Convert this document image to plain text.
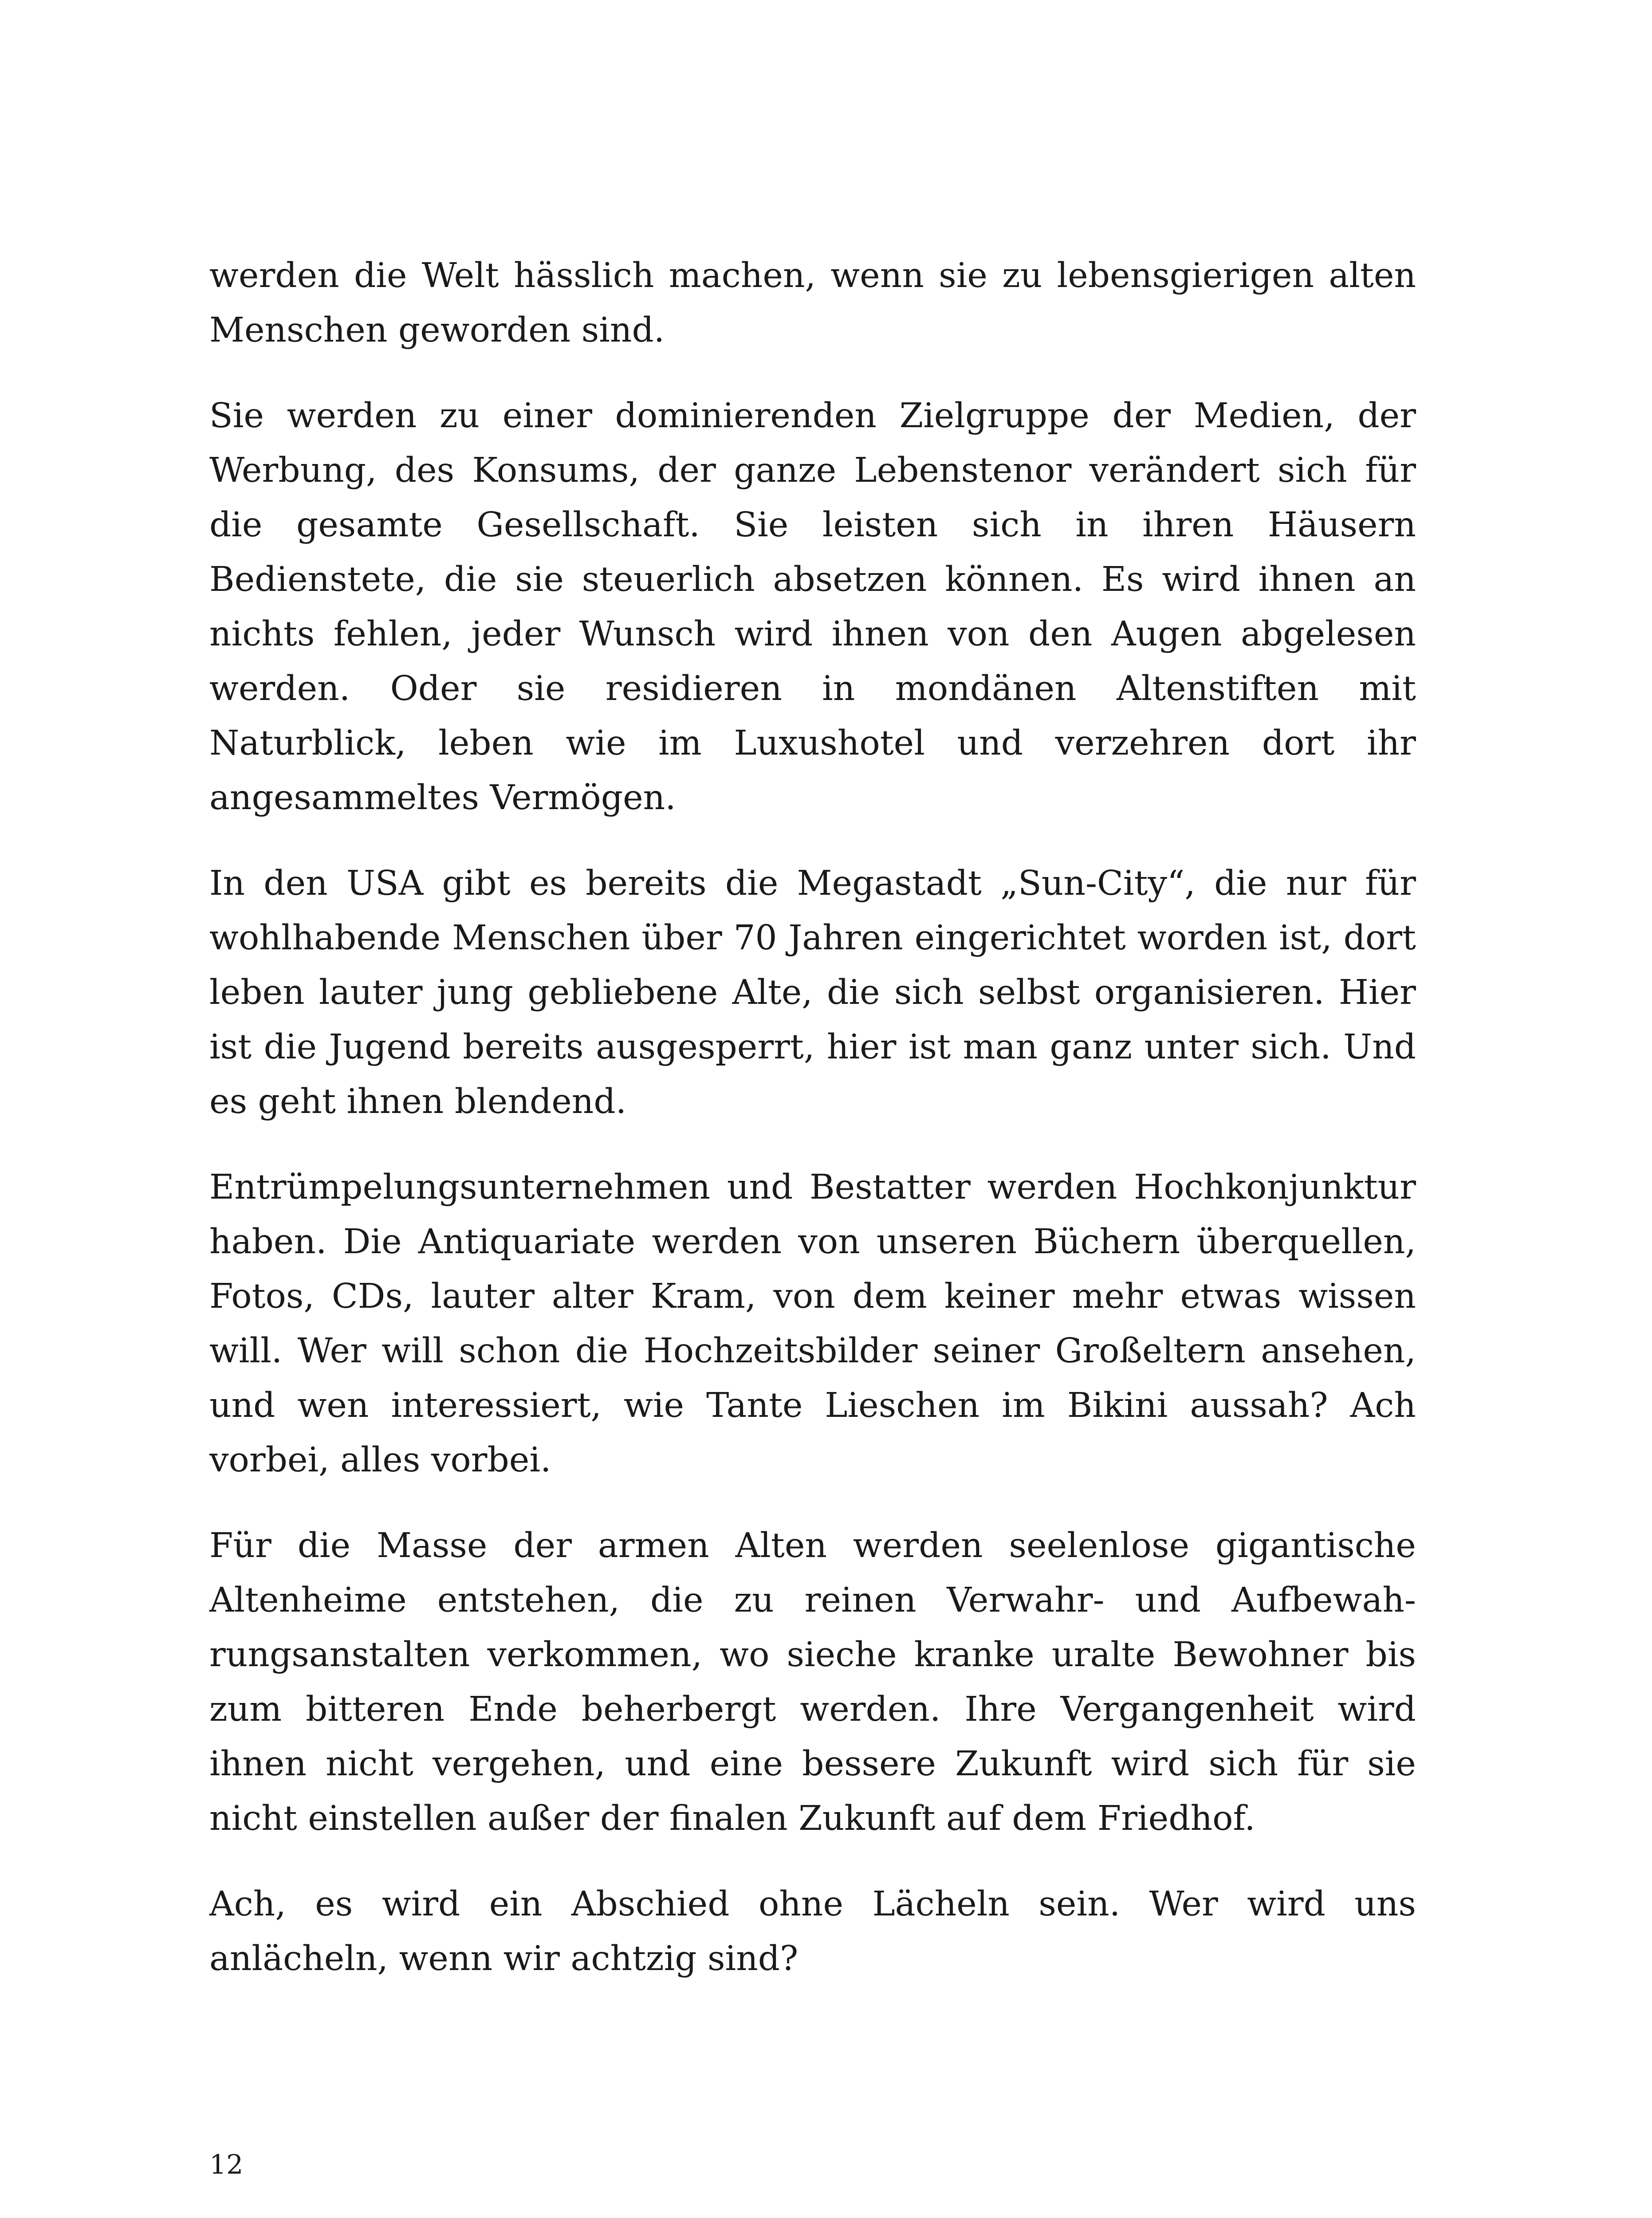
werden die Welt hässlich machen, wenn sie zu lebensgierigen alten Menschen geworden sind.

Sie werden zu einer dominierenden Zielgruppe der Medien, der Werbung, des Konsums, der ganze Lebenstenor verändert sich für die gesamte Gesellschaft. Sie leisten sich in ihren Häusern Bedienstete, die sie steuerlich absetzen können. Es wird ihnen an nichts fehlen, jeder Wunsch wird ihnen von den Augen abgelesen werden. Oder sie residieren in mondänen Altenstiften mit Naturblick, leben wie im Luxushotel und verzehren dort ihr angesammeltes Vermögen.

In den USA gibt es bereits die Megastadt „Sun-City“, die nur für wohlhabende Menschen über 70 Jahren eingerichtet worden ist, dort leben lauter jung gebliebene Alte, die sich selbst organisieren. Hier ist die Jugend bereits ausgesperrt, hier ist man ganz unter sich. Und es geht ihnen blendend.

Entrümpelungsunternehmen und Bestatter werden Hochkonjunktur haben. Die Antiquariate werden von unseren Büchern überquellen, Fotos, CDs, lauter alter Kram, von dem keiner mehr etwas wissen will. Wer will schon die Hochzeitsbilder seiner Großeltern ansehen, und wen interessiert, wie Tante Lieschen im Bikini aussah? Ach vorbei, alles vorbei.

Für die Masse der armen Alten werden seelenlose gigantische Altenheime entstehen, die zu reinen Verwahr- und Aufbewahrungsanstalten verkommen, wo sieche kranke uralte Bewohner bis zum bitteren Ende beherbergt werden. Ihre Vergangenheit wird ihnen nicht vergehen, und eine bessere Zukunft wird sich für sie nicht einstellen außer der finalen Zukunft auf dem Friedhof.

Ach, es wird ein Abschied ohne Lächeln sein. Wer wird uns anlächeln, wenn wir achtzig sind?

12
